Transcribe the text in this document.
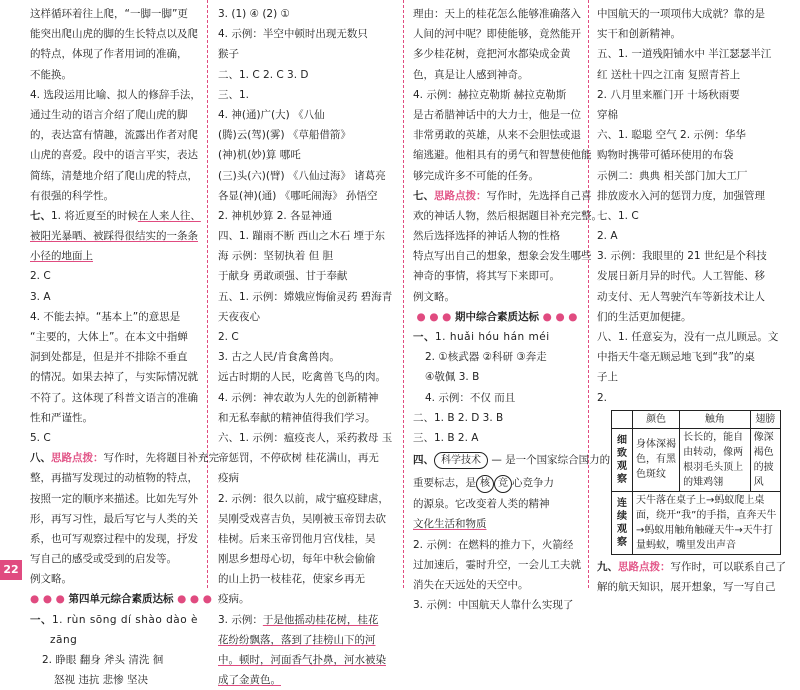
这样循环着往上爬，“一脚一脚”更
能突出爬山虎的脚的生长特点以及爬
的特点，体现了作者用词的准确，
不能换。
4. 选段运用比喻、拟人的修辞手法，
通过生动的语言介绍了爬山虎的脚
的，表达富有情趣，流露出作者对爬
山虎的喜爱。段中的语言平实，表达
简练，清楚地介绍了爬山虎的特点，
有很强的科学性。
七、1. 将近夏至的时候在人来人往、
被阳光暴晒、被踩得很结实的一条条
小径的地面上
2. C
3. A
4. 不能去掉。“基本上”的意思是
“主要的，大体上”。在本文中指蝉
洞到处都是，但是并不排除不垂直
的情况。如果去掉了，与实际情况就
不符了。这体现了科普文语言的准确
性和严谨性。
5. C
八、思路点拨：写作时，先将题目补充完
整，再描写发现过的动植物的特点，
按照一定的顺序来描述。比如先写外
形，再写习性，最后写它与人类的关
系，也可写观察过程中的发现，抒发
写自己的感受或受到的启发等。
例文略。
● ● ● 第四单元综合素质达标 ● ● ●
一、1. rùn sōng dí shào dào è
zāng
2. 睁眼 翻身 斧头 清洗 徊
怒视 违抗 悲惨 坚决
3. (1) ④ (2) ①
4. 示例：半空中顿时出现无数只
猴子
二、1. C 2. C 3. D
三、1.
4. 神(通)广(大) 《八仙
(腾)云(驾)(雾) 《草船借箭》
(神)机(妙)算 哪吒
(三)头(六)(臂) 《八仙过海》 诸葛亮
各显(神)(通) 《哪吒闹海》 孙悟空
2. 神机妙算 2. 各显神通
四、1. 蹦雨不断 西山之木石 堙于东
海 示例：坚韧执着 但 胆
于献身 勇敢顽强、甘于奉献
五、1. 示例：嫦娥应悔偷灵药 碧海青
天夜夜心
2. C
3. 古之人民/肯食禽兽肉。
远古时期的人民，吃禽兽飞鸟的肉。
4. 示例：神农敢为人先的创新精神
和无私奉献的精神值得我们学习。
六、1. 示例：瘟疫丧人，采药救母 玉
帝惩罚，不停砍树 桂花满山，再无
疫病
2. 示例：很久以前，咸宁瘟疫肆虐，
吴刚受戏喜吉负，吴刚被玉帝罚去砍
桂树。后来玉帝罚他月宫伐桂，吴
刚思乡想母心切，每年中秋会偷偷
的山上扔一枝桂花，使家乡再无
疫病。
3. 示例：于是他摇动桂花树，桂花
花纷纷飘落，落到了挂榜山下的河
中。顿时，河面香气扑鼻，河水被染
成了金黄色。
理由：天上的桂花怎么能够准确落入
人间的河中呢？即使能够，竟然能开
多少桂花树，竟把河水都染成金黄
色，真是让人感到神奇。
4. 示例：赫拉克勒斯 赫拉克勒斯
是古希腊神话中的大力士，他是一位
非常勇敢的英雄，从来不会胆怯或退
缩逃避。他相具有的勇气和智慧使他能
够完成许多不可能的任务。
七、思路点拨：写作时，先选择自己喜
欢的神话人物，然后根据题目补充完整。
然后选择选择的神话人物的性格
特点写出自己的想象，想象会发生哪些
神奇的事情，将其写下来即可。
例文略。
● ● ● 期中综合素质达标 ● ● ●
一、1. huǎi hóu hán méi
2. ①核武器 ②科研 ③奔走
④敬佩 3. B
4. 示例：不仅 而且
二、1. B 2. D 3. B
三、1. B 2. A
四、 科学技术 — 是一个国家综合国力的
重要标志，是 核 竞 心竞争力
的源泉。它改变着人类的精神
文化生活和物质
2. 示例：在燃料的推力下，火箭经
过加速后，霎时升空，一会儿工夫就
消失在天远处的天空中。
3. 示例：中国航天人靠什么实现了
中国航天的一项项伟大成就？靠的是
实干和创新精神。
五、1. 一道残阳铺水中 半江瑟瑟半江
红 送杜十四之江南 复照青苔上
2. 八月里来雁门开 十场秋雨要
穿棉
六、1. 聪聪 空气 2. 示例：华华
购物时携带可循环使用的布袋
示例二：典典 相关部门加大工厂
排放废水入河的惩罚力度，加强管理
七、1. C
2. A
3. 示例：我眼里的 21 世纪是个科技
发展日新月异的时代。人工智能、移
动支付、无人驾驶汽车等新技术让人
们的生活更加便捷。
八、1. 任意妄为，没有一点儿顾忌。文
中指天牛毫无顾忌地飞到“我”的桌
子上
2.
	颜色	触角	翅膀
细致观察	身体深褐色，有黑色斑纹	长长的，能自由转动，像两根羽毛头顶上的雉鸡翎	像深褐色的披风
连续观察	天牛落在桌子上→蚂蚁爬上桌面，绕开“我”的手指，直奔天牛→蚂蚁用触角触碰天牛→天牛打量蚂蚁，嘴里发出声音		
九、思路点拨：写作时，可以联系自己了
解的航天知识，展开想象，写一写自己
22
